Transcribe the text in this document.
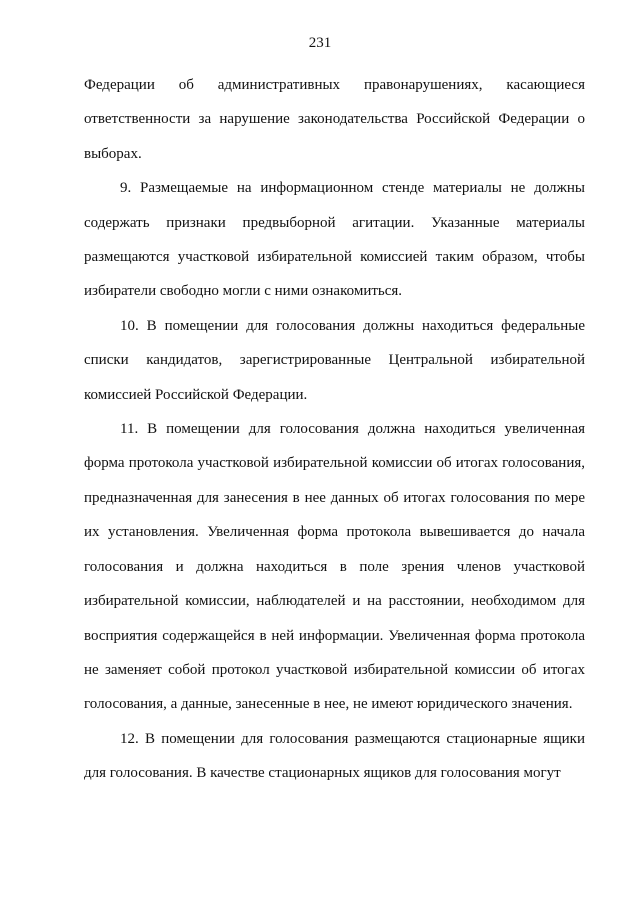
231

Федерации об административных правонарушениях, касающиеся ответственности за нарушение законодательства Российской Федерации о выборах.

9. Размещаемые на информационном стенде материалы не должны содержать признаки предвыборной агитации. Указанные материалы размещаются участковой избирательной комиссией таким образом, чтобы избиратели свободно могли с ними ознакомиться.

10. В помещении для голосования должны находиться федеральные списки кандидатов, зарегистрированные Центральной избирательной комиссией Российской Федерации.

11. В помещении для голосования должна находиться увеличенная форма протокола участковой избирательной комиссии об итогах голосования, предназначенная для занесения в нее данных об итогах голосования по мере их установления. Увеличенная форма протокола вывешивается до начала голосования и должна находиться в поле зрения членов участковой избирательной комиссии, наблюдателей и на расстоянии, необходимом для восприятия содержащейся в ней информации. Увеличенная форма протокола не заменяет собой протокол участковой избирательной комиссии об итогах голосования, а данные, занесенные в нее, не имеют юридического значения.

12. В помещении для голосования размещаются стационарные ящики для голосования. В качестве стационарных ящиков для голосования могут
